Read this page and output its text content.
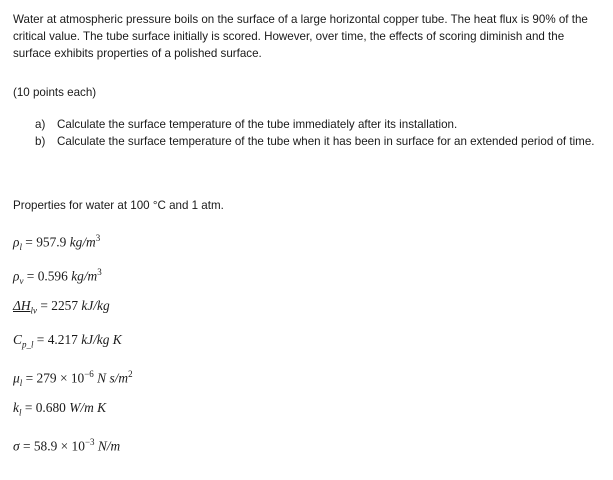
Water at atmospheric pressure boils on the surface of a large horizontal copper tube. The heat flux is 90% of the critical value. The tube surface initially is scored. However, over time, the effects of scoring diminish and the surface exhibits properties of a polished surface.

(10 points each)

a) Calculate the surface temperature of the tube immediately after its installation.
b) Calculate the surface temperature of the tube when it has been in surface for an extended period of time.

Properties for water at 100 °C and 1 atm.

$\rho_l = 957.9$ $kg/m^3$
$\rho_v = 0.596$ $kg/m^3$
$\Delta H_{lv} = 2257$ kJ/kg
$C_{p\_l} = 4.217$ kJ/kg K
$\mu_l = 279 \times 10^{-6}$ N $s/m^2$
$k_l = 0.680$ W/m K
$\sigma = 58.9 \times 10^{-3}$ N/m
